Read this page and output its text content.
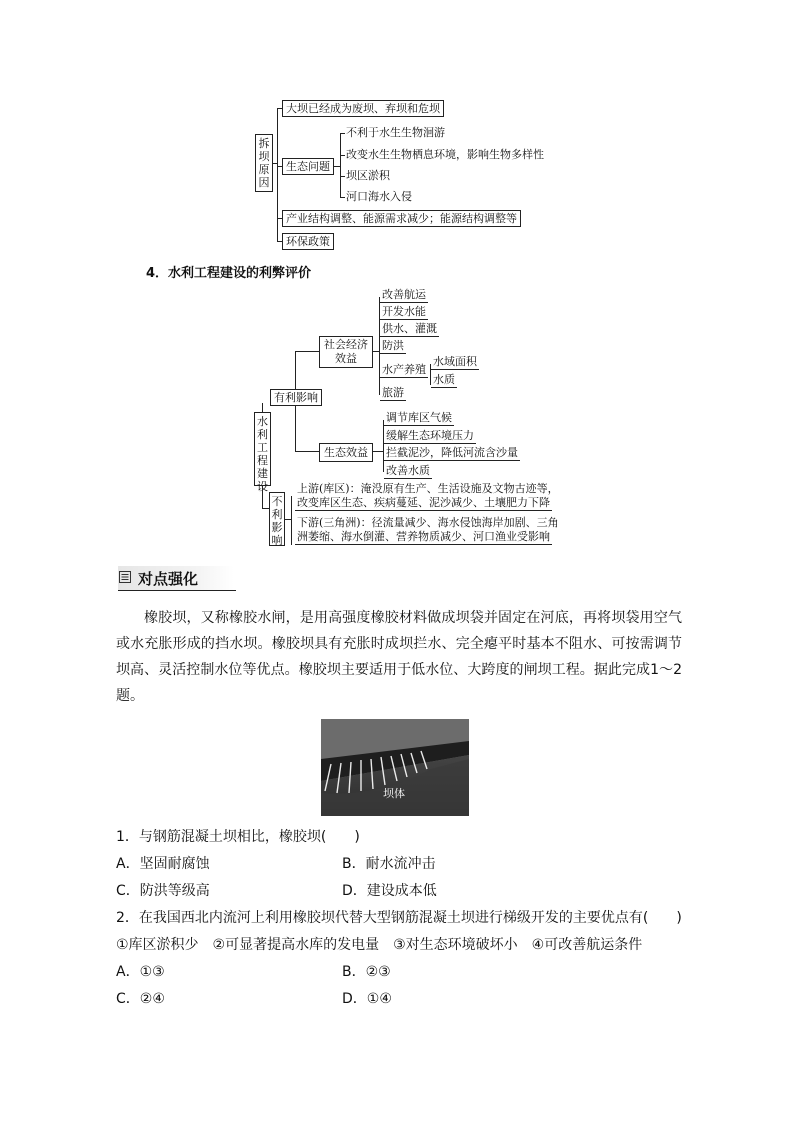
拆
坝
原
因
大坝已经成为废坝、弃坝和危坝
生态问题
产业结构调整、能源需求减少；能源结构调整等
环保政策
不利于水生生物洄游
改变水生生物栖息环境，影响生物多样性
坝区淤积
河口海水入侵
4．水利工程建设的利弊评价
水
利
工
程
建
设
有利影响
社会经济
效益
改善航运
开发水能
供水、灌溉
防洪
水产养殖
旅游
水域面积
水质
生态效益
调节库区气候
缓解生态环境压力
拦截泥沙，降低河流含沙量
改善水质
不
利
影
响
上游(库区)：淹没原有生产、生活设施及文物古迹等，
改变库区生态、疾病蔓延、泥沙减少、土壤肥力下降
下游(三角洲)：径流量减少、海水侵蚀海岸加剧、三角
洲萎缩、海水倒灌、营养物质减少、河口渔业受影响
对点强化
橡胶坝，又称橡胶水闸，是用高强度橡胶材料做成坝袋并固定在河底，再将坝袋用空气或水充胀形成的挡水坝。橡胶坝具有充胀时成坝拦水、完全瘪平时基本不阻水、可按需调节坝高、灵活控制水位等优点。橡胶坝主要适用于低水位、大跨度的闸坝工程。据此完成1～2题。
坝体
1．与钢筋混凝土坝相比，橡胶坝(　　)
A．坚固耐腐蚀	B．耐水流冲击
C．防洪等级高	D．建设成本低
2．在我国西北内流河上利用橡胶坝代替大型钢筋混凝土坝进行梯级开发的主要优点有(　　)
①库区淤积少　②可显著提高水库的发电量　③对生态环境破坏小　④可改善航运条件
A．①③	B．②③
C．②④	D．①④
